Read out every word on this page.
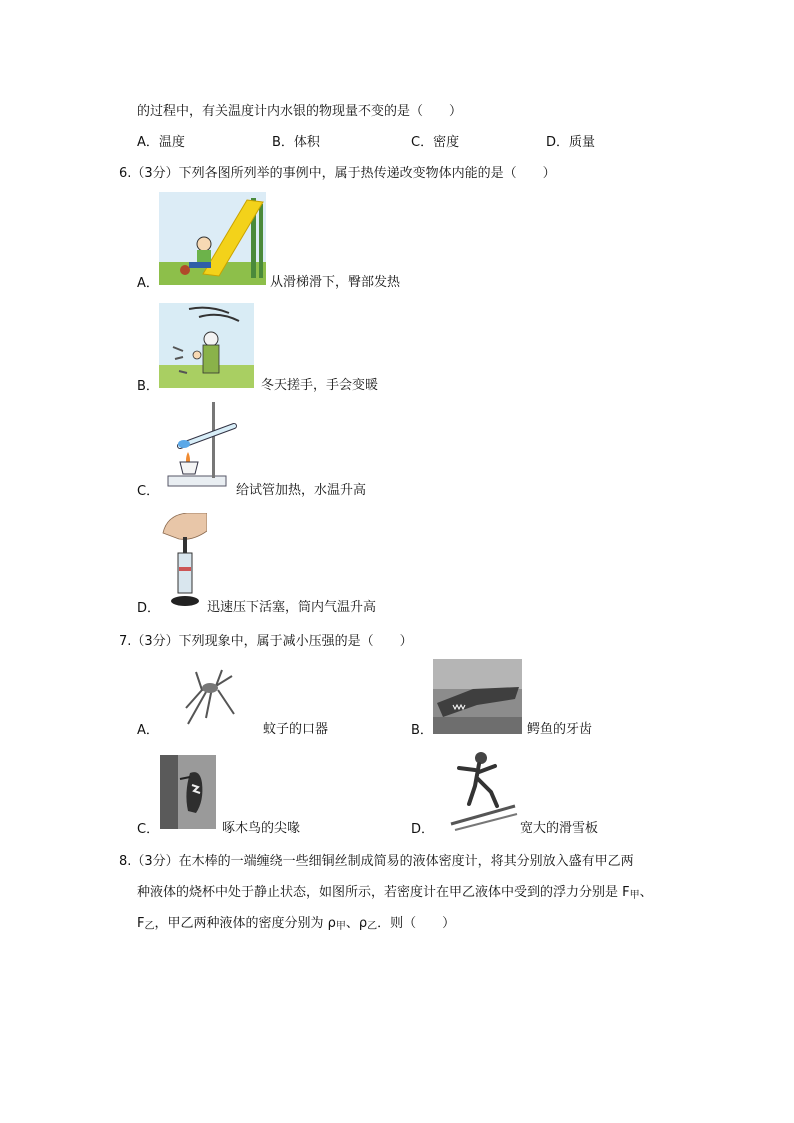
的过程中，有关温度计内水银的物现量不变的是（　　）
A．温度	B．体积	C．密度	D．质量
6.（3分）下列各图所列举的事例中，属于热传递改变物体内能的是（　　）
A．	从滑梯滑下，臀部发热
B．	冬天搓手，手会变暖
C．	给试管加热，水温升高
D．	迅速压下活塞，筒内气温升高
7.（3分）下列现象中，属于减小压强的是（　　）
A．	蚊子的口器	B．	鳄鱼的牙齿
C．	啄木鸟的尖喙	D．	宽大的滑雪板
8.（3分）在木棒的一端缠绕一些细铜丝制成简易的液体密度计，将其分别放入盛有甲乙两
种液体的烧杯中处于静止状态，如图所示，若密度计在甲乙液体中受到的浮力分别是 $F_甲$、
$F_乙$，甲乙两种液体的密度分别为 $\rho_甲$、$\rho_乙$．则（　　）
